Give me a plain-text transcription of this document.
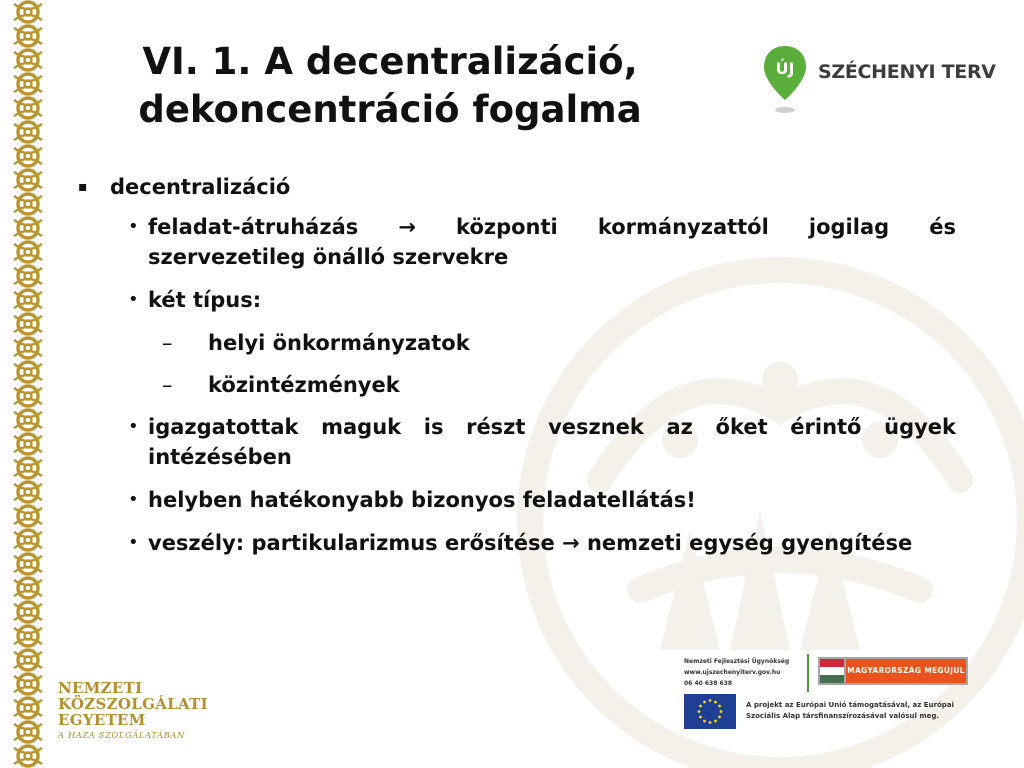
VI. 1. A decentralizáció,
dekoncentráció fogalma
ÚJ SZÉCHENYI TERV
▪ decentralizáció
• feladat-átruházás → központi kormányzattól jogilag és szervezetileg önálló szervekre
• két típus:
– helyi önkormányzatok
– közintézmények
• igazgatottak maguk is részt vesznek az őket érintő ügyek intézésében
• helyben hatékonyabb bizonyos feladatellátás!
• veszély: partikularizmus erősítése → nemzeti egység gyengítése
NEMZETI
KÖZSZOLGÁLATI
EGYETEM
A HAZA SZOLGÁLATÁBAN
Nemzeti Fejlesztési Ügynökség
www.ujszechenyiterv.gov.hu
06 40 638 638
MAGYARORSZÁG MEGÚJUL
A projekt az Európai Unió támogatásával, az Európai Szociális Alap társfinanszírozásával valósul meg.
